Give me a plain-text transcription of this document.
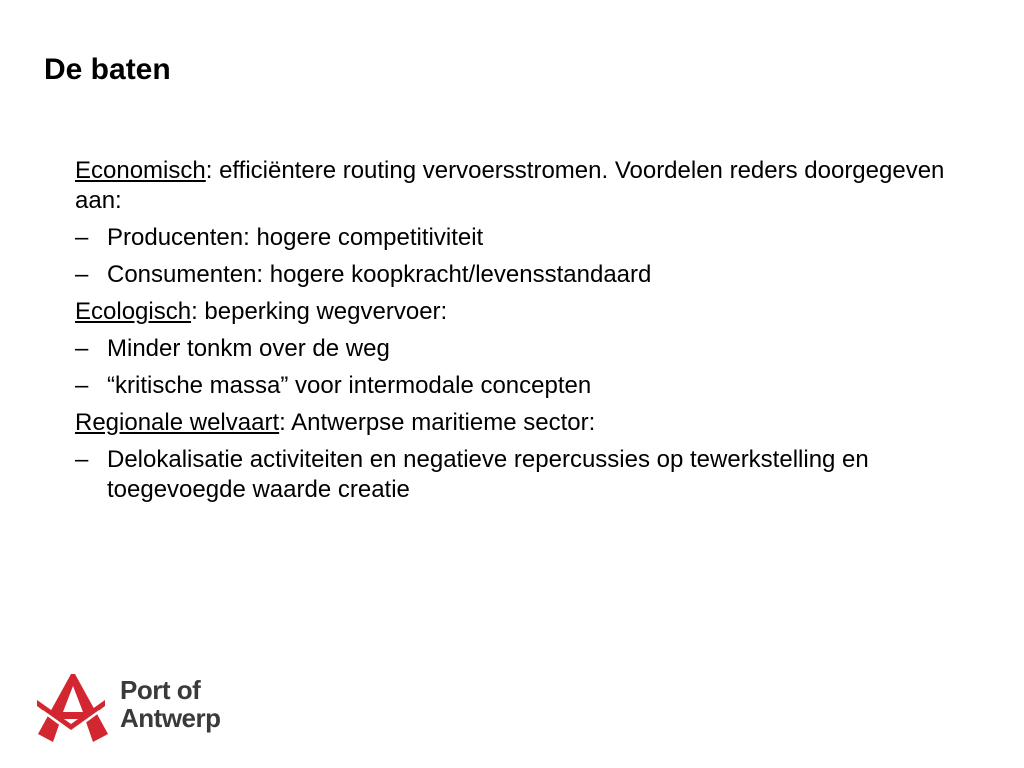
De baten

Economisch: efficiëntere routing vervoersstromen. Voordelen reders doorgegeven aan:

– Producenten: hogere competitiviteit

– Consumenten: hogere koopkracht/levensstandaard

Ecologisch: beperking wegvervoer:

– Minder tonkm over de weg

– “kritische massa” voor intermodale concepten

Regionale welvaart: Antwerpse maritieme sector:

– Delokalisatie activiteiten en negatieve repercussies op tewerkstelling en toegevoegde waarde creatie

Port of
Antwerp
